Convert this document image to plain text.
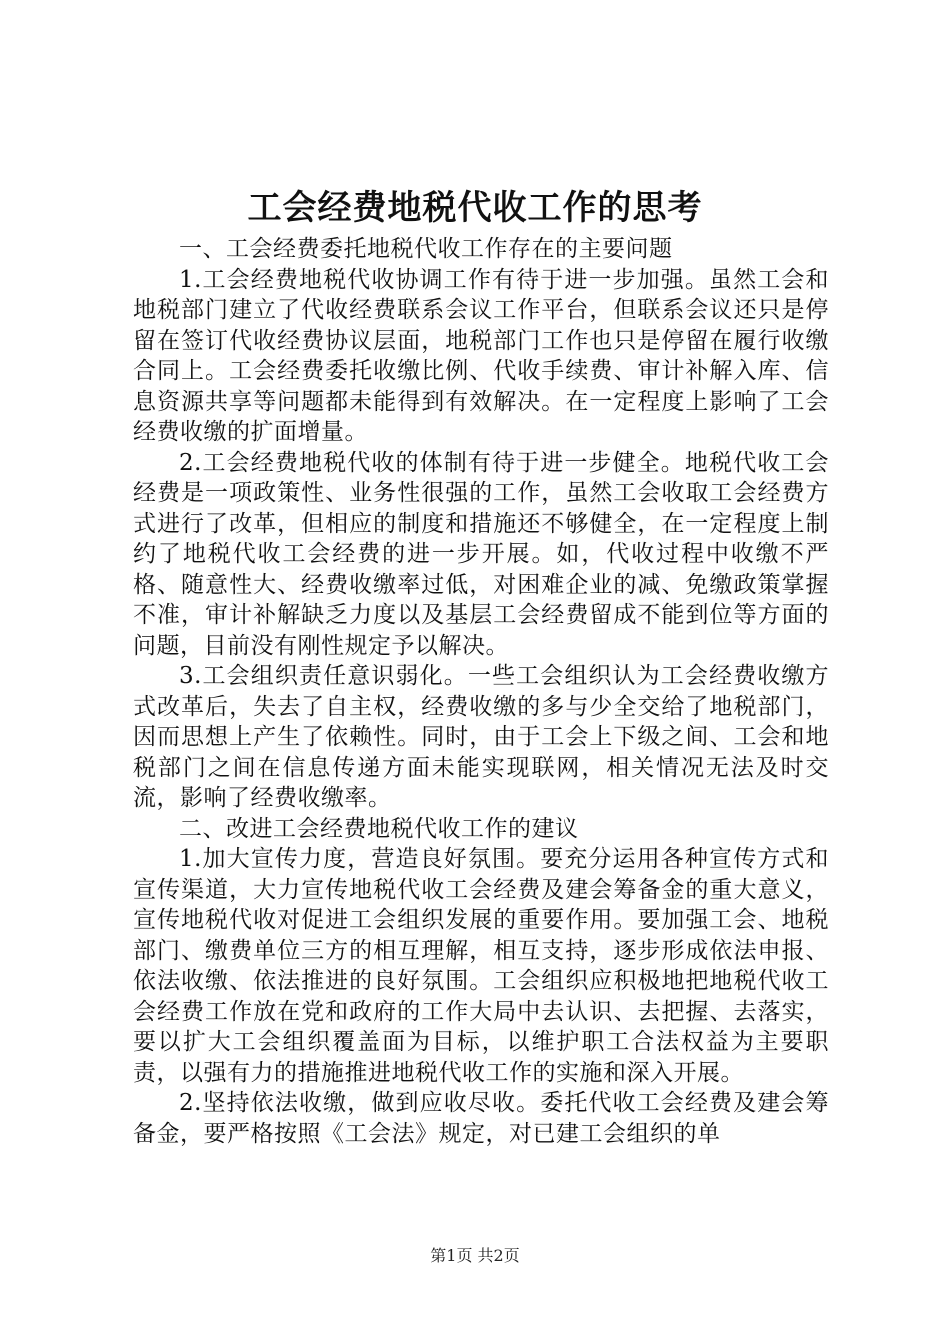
工会经费地税代收工作的思考

一、工会经费委托地税代收工作存在的主要问题

1.工会经费地税代收协调工作有待于进一步加强。虽然工会和地税部门建立了代收经费联系会议工作平台，但联系会议还只是停留在签订代收经费协议层面，地税部门工作也只是停留在履行收缴合同上。工会经费委托收缴比例、代收手续费、审计补解入库、信息资源共享等问题都未能得到有效解决。在一定程度上影响了工会经费收缴的扩面增量。

2.工会经费地税代收的体制有待于进一步健全。地税代收工会经费是一项政策性、业务性很强的工作，虽然工会收取工会经费方式进行了改革，但相应的制度和措施还不够健全，在一定程度上制约了地税代收工会经费的进一步开展。如，代收过程中收缴不严格、随意性大、经费收缴率过低，对困难企业的减、免缴政策掌握不准，审计补解缺乏力度以及基层工会经费留成不能到位等方面的问题，目前没有刚性规定予以解决。

3.工会组织责任意识弱化。一些工会组织认为工会经费收缴方式改革后，失去了自主权，经费收缴的多与少全交给了地税部门，因而思想上产生了依赖性。同时，由于工会上下级之间、工会和地税部门之间在信息传递方面未能实现联网，相关情况无法及时交流，影响了经费收缴率。

二、改进工会经费地税代收工作的建议

1.加大宣传力度，营造良好氛围。要充分运用各种宣传方式和宣传渠道，大力宣传地税代收工会经费及建会筹备金的重大意义，宣传地税代收对促进工会组织发展的重要作用。要加强工会、地税部门、缴费单位三方的相互理解，相互支持，逐步形成依法申报、依法收缴、依法推进的良好氛围。工会组织应积极地把地税代收工会经费工作放在党和政府的工作大局中去认识、去把握、去落实，要以扩大工会组织覆盖面为目标，以维护职工合法权益为主要职责，以强有力的措施推进地税代收工作的实施和深入开展。

2.坚持依法收缴，做到应收尽收。委托代收工会经费及建会筹备金，要严格按照《工会法》规定，对已建工会组织的单

第1页 共2页
